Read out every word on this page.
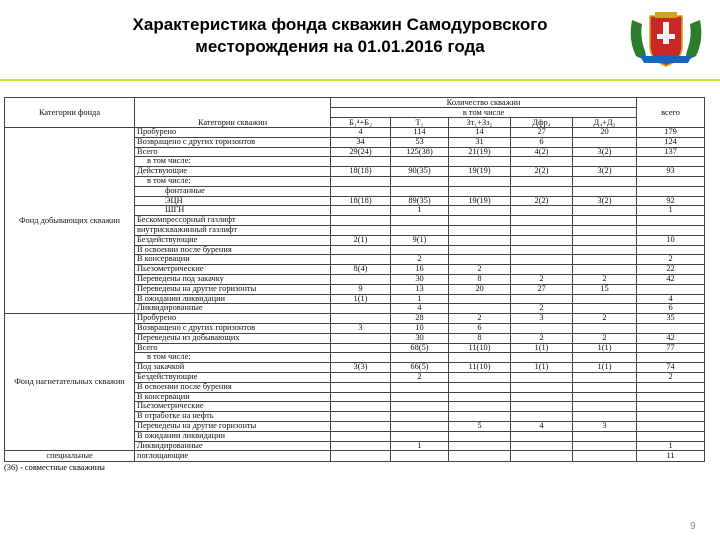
Характеристика фонда скважин Самодуровского
месторождения на 01.01.2016 года
Категории фонда	Категории скважин	Количество скважин					всего
		в том числе					
		Б₁⁴+Б₂	Т₁	Зт₁+Зз₂	Дфр₄	Д₄+Д₃	
Фонд добывающих скважин	Пробурено	4	114	14	27	20	179
	Возвращено с других горизонтов	34	53	31	6		124
	Всего	29(24)	125(38)	21(19)	4(2)	3(2)	137
	в том числе:						
	Действующие	18(18)	90(35)	19(19)	2(2)	3(2)	93
	в том числе:						
	фонтанные						
	ЭЦН	18(18)	89(35)	19(19)	2(2)	3(2)	92
	ШГН		1				1
	Бескомпрессорный газлифт						
	внутрискважинный газлифт						
	Бездействующие	2(1)	9(1)				10
	В освоении после бурения						
	В консервации		2				2
	Пьезометрические	8(4)	16	2			22
	Переведены под закачку		30	8	2	2	42
	Переведены на другие горизонты	9	13	20	27	15	
	В ожидании ликвидации	1(1)	1				4
	Ликвидированные		4		2		6
Фонд нагнетательных скважин	Пробурено		28	2	3	2	35
	Возвращено с других горизонтов	3	10	6			
	Переведены из добывающих		30	8	2	2	42
	Всего		68(5)	11(10)	1(1)	1(1)	77
	в том числе:						
	Под закачкой	3(3)	66(5)	11(10)	1(1)	1(1)	74
	Бездействующие		2				2
	В освоении после бурения						
	В консервации						
	Пьезометрические						
	В отработке на нефть						
	Переведены на другие горизонты			5	4	3	
	В ожидании ликвидации						
	Ликвидированные		1				1
специальные	поглощающие						11
(36) - совместные скважины
9
